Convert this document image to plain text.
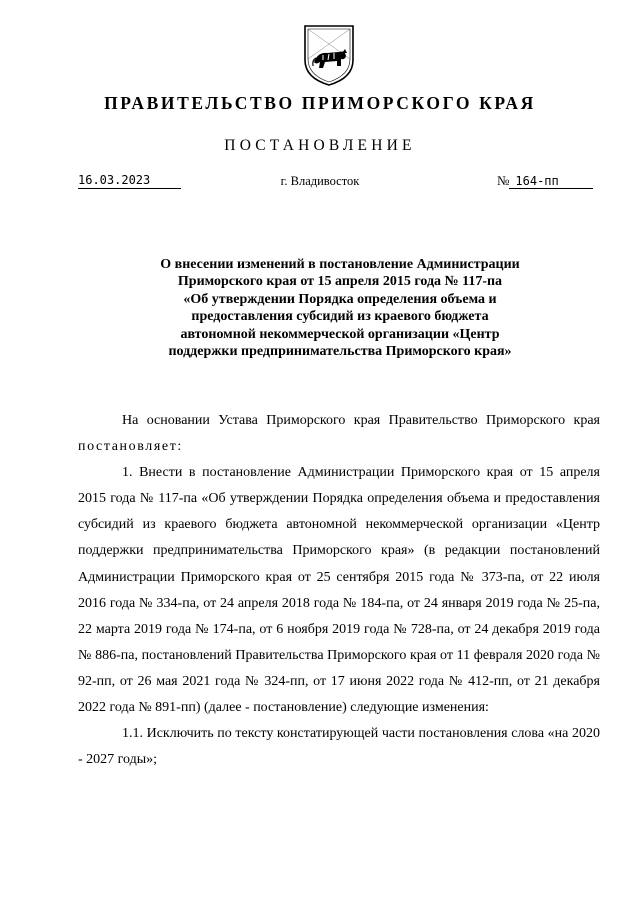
ПРАВИТЕЛЬСТВО ПРИМОРСКОГО КРАЯ
ПОСТАНОВЛЕНИЕ
16.03.2023	г. Владивосток	№ 164-пп
О внесении изменений в постановление Администрации
Приморского края от 15 апреля 2015 года № 117-па
«Об утверждении Порядка определения объема и
предоставления субсидий из краевого бюджета
автономной некоммерческой организации «Центр
поддержки предпринимательства Приморского края»

На основании Устава Приморского края Правительство Приморского края постановляет:

1. Внести в постановление Администрации Приморского края от 15 апреля 2015 года № 117-па «Об утверждении Порядка определения объема и предоставления субсидий из краевого бюджета автономной некоммерческой организации «Центр поддержки предпринимательства Приморского края» (в редакции постановлений Администрации Приморского края от 25 сентября 2015 года № 373-па, от 22 июля 2016 года № 334-па, от 24 апреля 2018 года № 184-па, от 24 января 2019 года № 25-па, 22 марта 2019 года № 174-па, от 6 ноября 2019 года № 728-па, от 24 декабря 2019 года № 886-па, постановлений Правительства Приморского края от 11 февраля 2020 года № 92-пп, от 26 мая 2021 года № 324-пп, от 17 июня 2022 года № 412-пп, от 21 декабря 2022 года № 891-пп) (далее - постановление) следующие изменения:

1.1. Исключить по тексту констатирующей части постановления слова «на 2020 - 2027 годы»;
